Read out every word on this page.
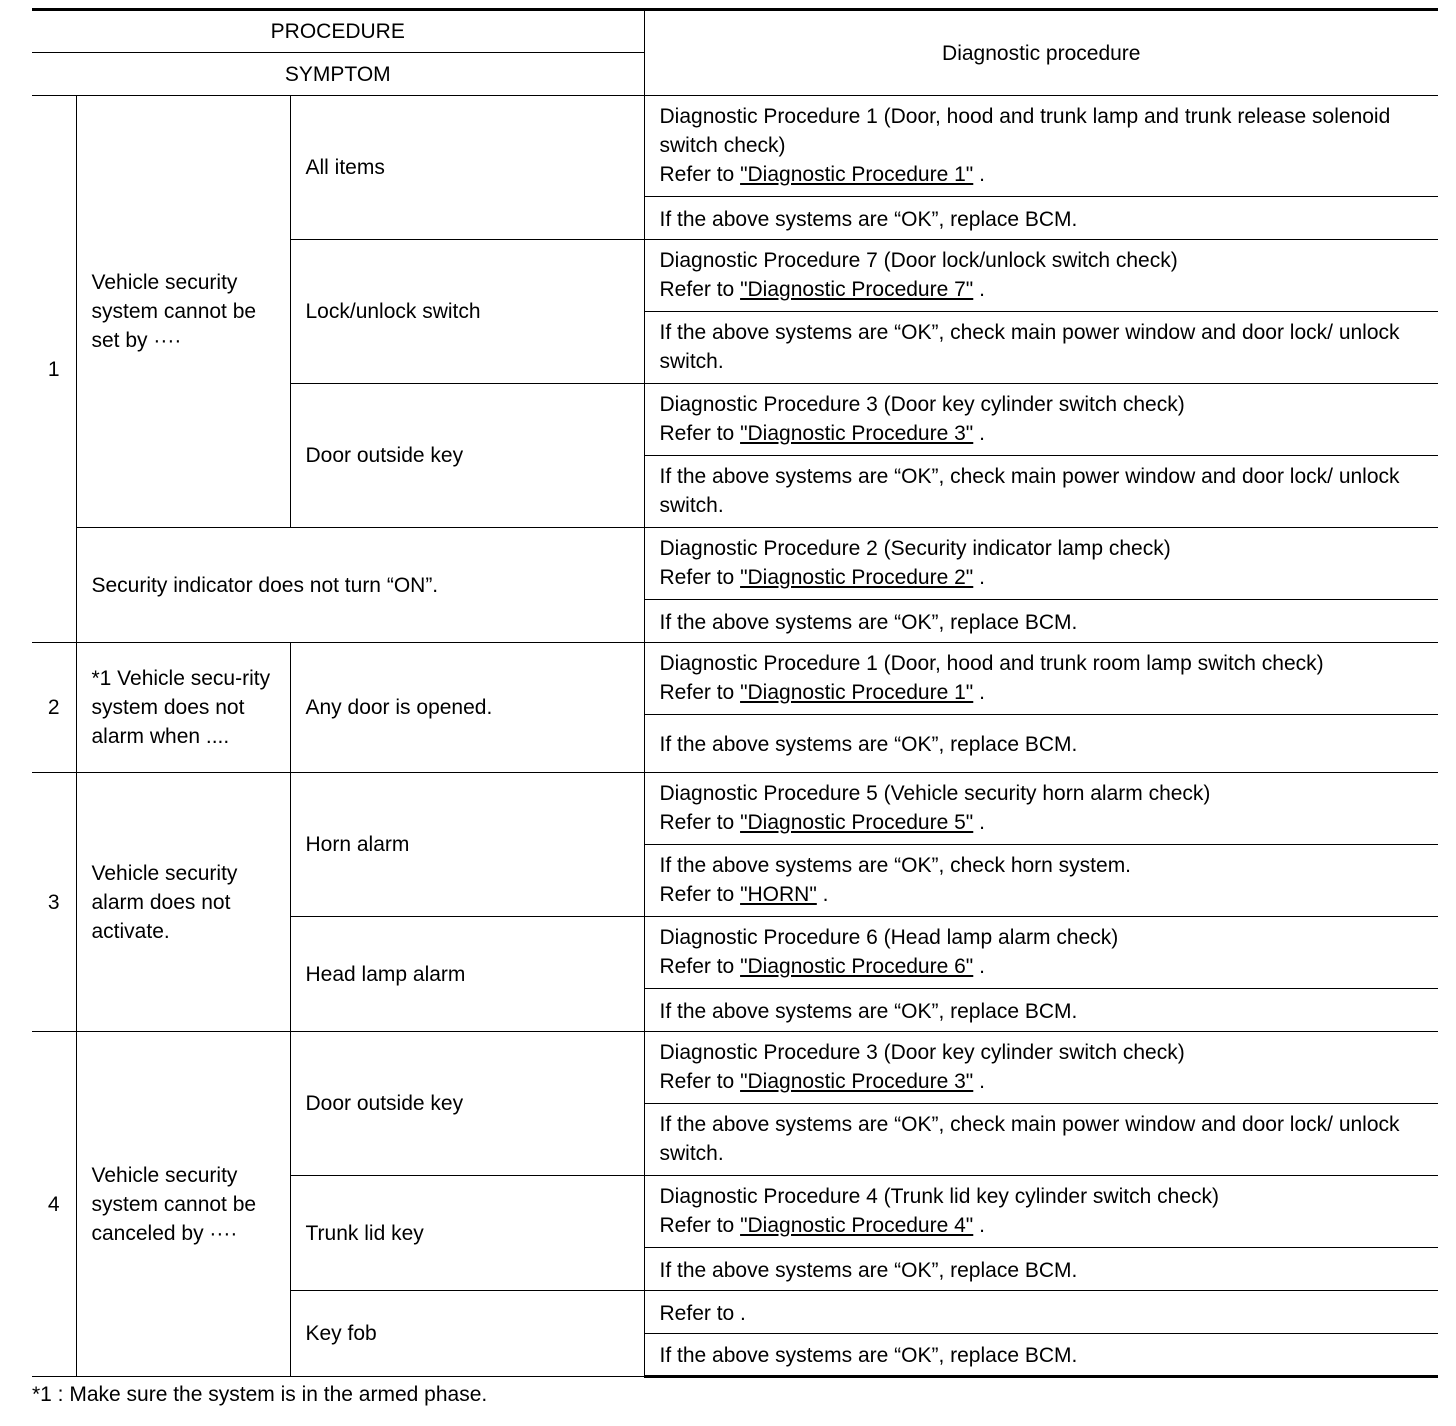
PROCEDURE			Diagnostic procedure
SYMPTOM			
1	Vehicle security system cannot be set by ····	All items	Diagnostic Procedure 1 (Door, hood and trunk lamp and trunk release solenoid switch check)
Refer to "Diagnostic Procedure 1" .

			If the above systems are “OK”, replace BCM.
		Lock/unlock switch	Diagnostic Procedure 7 (Door lock/unlock switch check)
Refer to "Diagnostic Procedure 7" .

			If the above systems are “OK”, check main power window and door lock/ unlock switch.
		Door outside key	Diagnostic Procedure 3 (Door key cylinder switch check)
Refer to "Diagnostic Procedure 3" .

			If the above systems are “OK”, check main power window and door lock/ unlock switch.
	Security indicator does not turn “ON”.		Diagnostic Procedure 2 (Security indicator lamp check)
Refer to "Diagnostic Procedure 2" .

			If the above systems are “OK”, replace BCM.
2	*1 Vehicle secu-rity system does not alarm when ....	Any door is opened.	Diagnostic Procedure 1 (Door, hood and trunk room lamp switch check)
Refer to "Diagnostic Procedure 1" .

			If the above systems are “OK”, replace BCM.
3	Vehicle security alarm does not activate.	Horn alarm	Diagnostic Procedure 5 (Vehicle security horn alarm check)
Refer to "Diagnostic Procedure 5" .

			If the above systems are “OK”, check horn system.
Refer to "HORN" .

		Head lamp alarm	Diagnostic Procedure 6 (Head lamp alarm check)
Refer to "Diagnostic Procedure 6" .

			If the above systems are “OK”, replace BCM.
4	Vehicle security system cannot be canceled by ····	Door outside key	Diagnostic Procedure 3 (Door key cylinder switch check)
Refer to "Diagnostic Procedure 3" .

			If the above systems are “OK”, check main power window and door lock/ unlock switch.
		Trunk lid key	Diagnostic Procedure 4 (Trunk lid key cylinder switch check)
Refer to "Diagnostic Procedure 4" .

			If the above systems are “OK”, replace BCM.
		Key fob	Refer to .
			If the above systems are “OK”, replace BCM.
*1 : Make sure the system is in the armed phase.
